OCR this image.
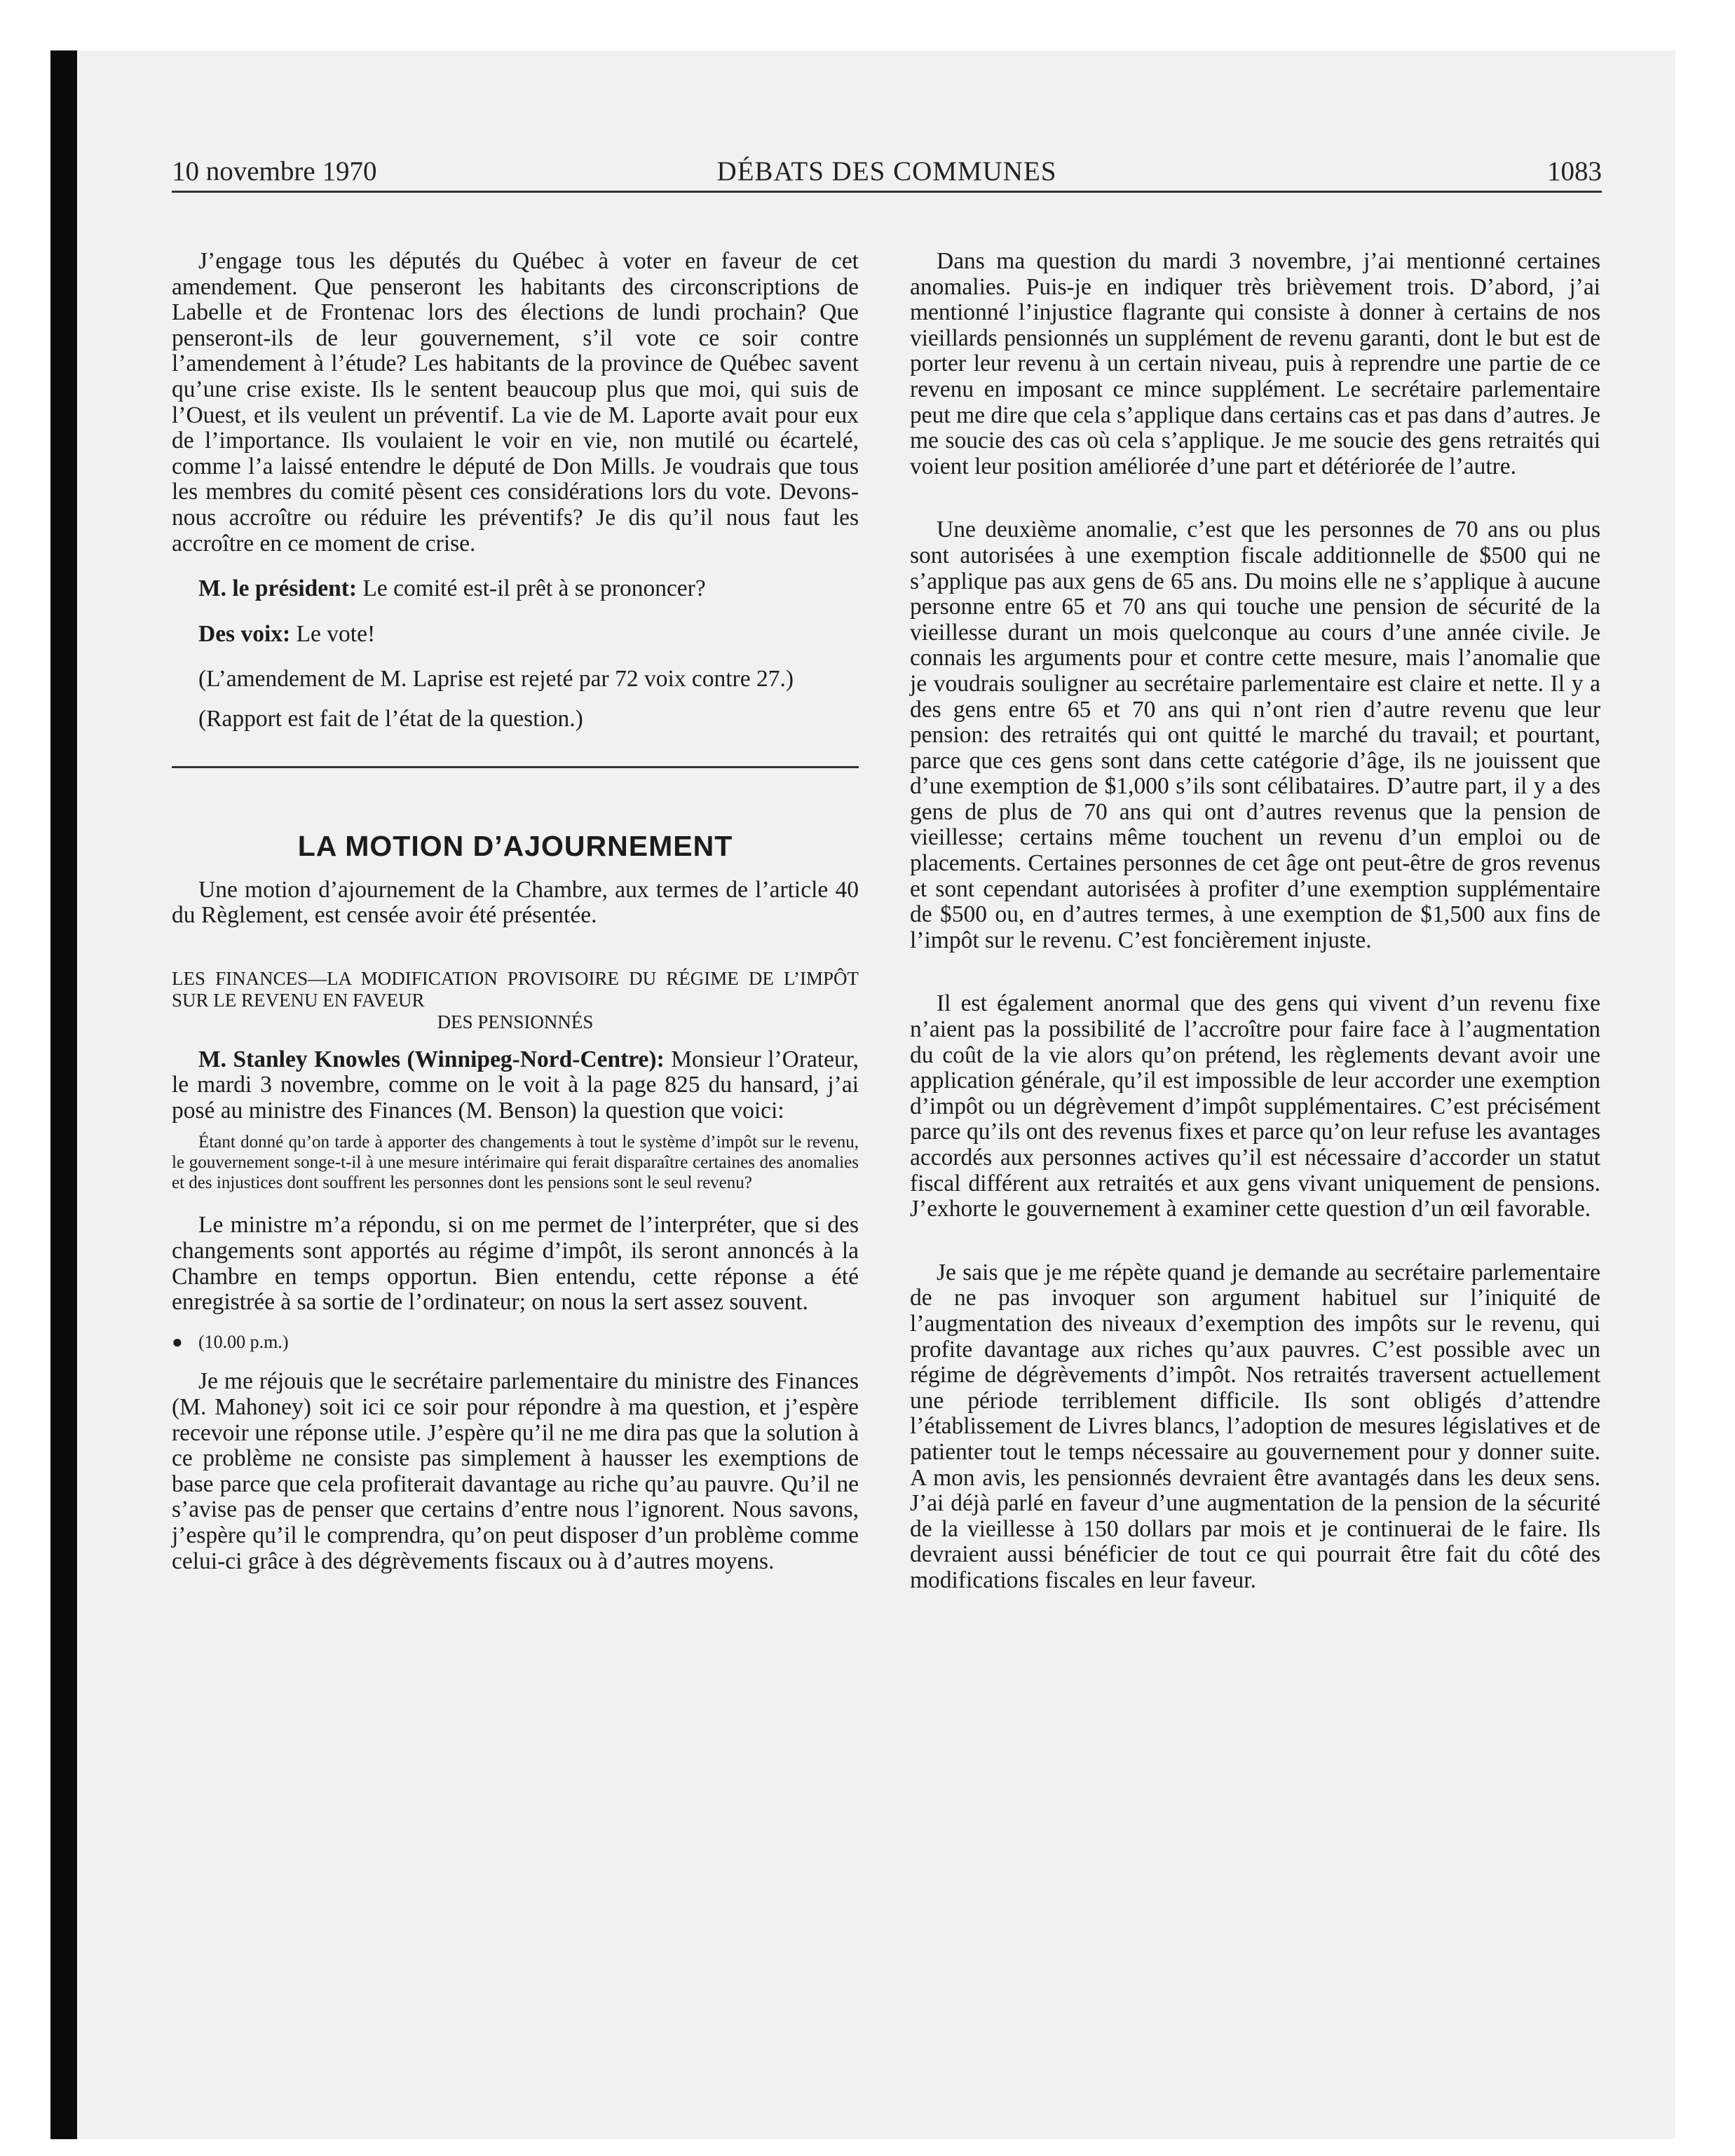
10 novembre 1970	DÉBATS DES COMMUNES	1083

J’engage tous les députés du Québec à voter en faveur de cet amendement. Que penseront les habitants des circonscriptions de Labelle et de Frontenac lors des élections de lundi prochain? Que penseront-ils de leur gouvernement, s’il vote ce soir contre l’amendement à l’étude? Les habitants de la province de Québec savent qu’une crise existe. Ils le sentent beaucoup plus que moi, qui suis de l’Ouest, et ils veulent un préventif. La vie de M. Laporte avait pour eux de l’importance. Ils voulaient le voir en vie, non mutilé ou écartelé, comme l’a laissé entendre le député de Don Mills. Je voudrais que tous les membres du comité pèsent ces considérations lors du vote. Devons-nous accroître ou réduire les préventifs? Je dis qu’il nous faut les accroître en ce moment de crise.

M. le président: Le comité est-il prêt à se prononcer?

Des voix: Le vote!

(L’amendement de M. Laprise est rejeté par 72 voix contre 27.)

(Rapport est fait de l’état de la question.)

LA MOTION D’AJOURNEMENT

Une motion d’ajournement de la Chambre, aux termes de l’article 40 du Règlement, est censée avoir été présentée.

LES FINANCES—LA MODIFICATION PROVISOIRE DU RÉGIME DE L’IMPÔT SUR LE REVENU EN FAVEUR
DES PENSIONNÉS

M. Stanley Knowles (Winnipeg-Nord-Centre): Monsieur l’Orateur, le mardi 3 novembre, comme on le voit à la page 825 du hansard, j’ai posé au ministre des Finances (M. Benson) la question que voici:

Étant donné qu’on tarde à apporter des changements à tout le système d’impôt sur le revenu, le gouvernement songe-t-il à une mesure intérimaire qui ferait disparaître certaines des anomalies et des injustices dont souffrent les personnes dont les pensions sont le seul revenu?

Le ministre m’a répondu, si on me permet de l’interpréter, que si des changements sont apportés au régime d’impôt, ils seront annoncés à la Chambre en temps opportun. Bien entendu, cette réponse a été enregistrée à sa sortie de l’ordinateur; on nous la sert assez souvent.

● (10.00 p.m.)

Je me réjouis que le secrétaire parlementaire du ministre des Finances (M. Mahoney) soit ici ce soir pour répondre à ma question, et j’espère recevoir une réponse utile. J’espère qu’il ne me dira pas que la solution à ce problème ne consiste pas simplement à hausser les exemptions de base parce que cela profiterait davantage au riche qu’au pauvre. Qu’il ne s’avise pas de penser que certains d’entre nous l’ignorent. Nous savons, j’espère qu’il le comprendra, qu’on peut disposer d’un problème comme celui-ci grâce à des dégrèvements fiscaux ou à d’autres moyens.

Dans ma question du mardi 3 novembre, j’ai mentionné certaines anomalies. Puis-je en indiquer très brièvement trois. D’abord, j’ai mentionné l’injustice flagrante qui consiste à donner à certains de nos vieillards pensionnés un supplément de revenu garanti, dont le but est de porter leur revenu à un certain niveau, puis à reprendre une partie de ce revenu en imposant ce mince supplément. Le secrétaire parlementaire peut me dire que cela s’applique dans certains cas et pas dans d’autres. Je me soucie des cas où cela s’applique. Je me soucie des gens retraités qui voient leur position améliorée d’une part et détériorée de l’autre.

Une deuxième anomalie, c’est que les personnes de 70 ans ou plus sont autorisées à une exemption fiscale additionnelle de $500 qui ne s’applique pas aux gens de 65 ans. Du moins elle ne s’applique à aucune personne entre 65 et 70 ans qui touche une pension de sécurité de la vieillesse durant un mois quelconque au cours d’une année civile. Je connais les arguments pour et contre cette mesure, mais l’anomalie que je voudrais souligner au secrétaire parlementaire est claire et nette. Il y a des gens entre 65 et 70 ans qui n’ont rien d’autre revenu que leur pension: des retraités qui ont quitté le marché du travail; et pourtant, parce que ces gens sont dans cette catégorie d’âge, ils ne jouissent que d’une exemption de $1,000 s’ils sont célibataires. D’autre part, il y a des gens de plus de 70 ans qui ont d’autres revenus que la pension de vieillesse; certains même touchent un revenu d’un emploi ou de placements. Certaines personnes de cet âge ont peut-être de gros revenus et sont cependant autorisées à profiter d’une exemption supplémentaire de $500 ou, en d’autres termes, à une exemption de $1,500 aux fins de l’impôt sur le revenu. C’est foncièrement injuste.

Il est également anormal que des gens qui vivent d’un revenu fixe n’aient pas la possibilité de l’accroître pour faire face à l’augmentation du coût de la vie alors qu’on prétend, les règlements devant avoir une application générale, qu’il est impossible de leur accorder une exemption d’impôt ou un dégrèvement d’impôt supplémentaires. C’est précisément parce qu’ils ont des revenus fixes et parce qu’on leur refuse les avantages accordés aux personnes actives qu’il est nécessaire d’accorder un statut fiscal différent aux retraités et aux gens vivant uniquement de pensions. J’exhorte le gouvernement à examiner cette question d’un œil favorable.

Je sais que je me répète quand je demande au secrétaire parlementaire de ne pas invoquer son argument habituel sur l’iniquité de l’augmentation des niveaux d’exemption des impôts sur le revenu, qui profite davantage aux riches qu’aux pauvres. C’est possible avec un régime de dégrèvements d’impôt. Nos retraités traversent actuellement une période terriblement difficile. Ils sont obligés d’attendre l’établissement de Livres blancs, l’adoption de mesures législatives et de patienter tout le temps nécessaire au gouvernement pour y donner suite. A mon avis, les pensionnés devraient être avantagés dans les deux sens. J’ai déjà parlé en faveur d’une augmentation de la pension de la sécurité de la vieillesse à 150 dollars par mois et je continuerai de le faire. Ils devraient aussi bénéficier de tout ce qui pourrait être fait du côté des modifications fiscales en leur faveur.
